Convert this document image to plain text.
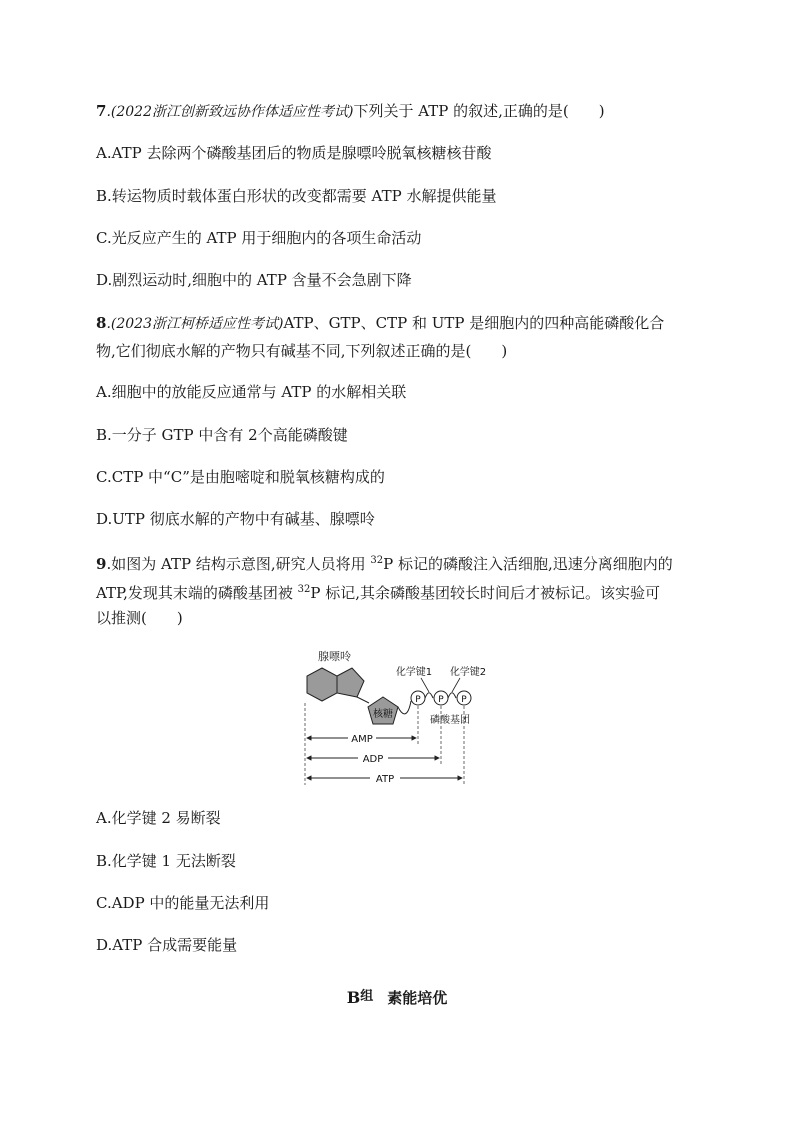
7.(2022浙江创新致远协作体适应性考试)下列关于 ATP 的叙述,正确的是(　　)
A.ATP 去除两个磷酸基团后的物质是腺嘌呤脱氧核糖核苷酸
B.转运物质时载体蛋白形状的改变都需要 ATP 水解提供能量
C.光反应产生的 ATP 用于细胞内的各项生命活动
D.剧烈运动时,细胞中的 ATP 含量不会急剧下降
8.(2023浙江柯桥适应性考试)ATP、GTP、CTP 和 UTP 是细胞内的四种高能磷酸化合
物,它们彻底水解的产物只有碱基不同,下列叙述正确的是(　　)
A.细胞中的放能反应通常与 ATP 的水解相关联
B.一分子 GTP 中含有 2个高能磷酸键
C.CTP 中“C”是由胞嘧啶和脱氧核糖构成的
D.UTP 彻底水解的产物中有碱基、腺嘌呤
9.如图为 ATP 结构示意图,研究人员将用 $^{32}$P 标记的磷酸注入活细胞,迅速分离细胞内的
ATP,发现其末端的磷酸基团被 $^{32}$P 标记,其余磷酸基团较长时间后才被标记。该实验可
以推测(　　)
腺嘌呤
核糖
P P P
化学键1 化学键2
磷酸基团
AMP
ADP
ATP
A.化学键 2 易断裂
B.化学键 1 无法断裂
C.ADP 中的能量无法利用
D.ATP 合成需要能量
B组 素能培优
